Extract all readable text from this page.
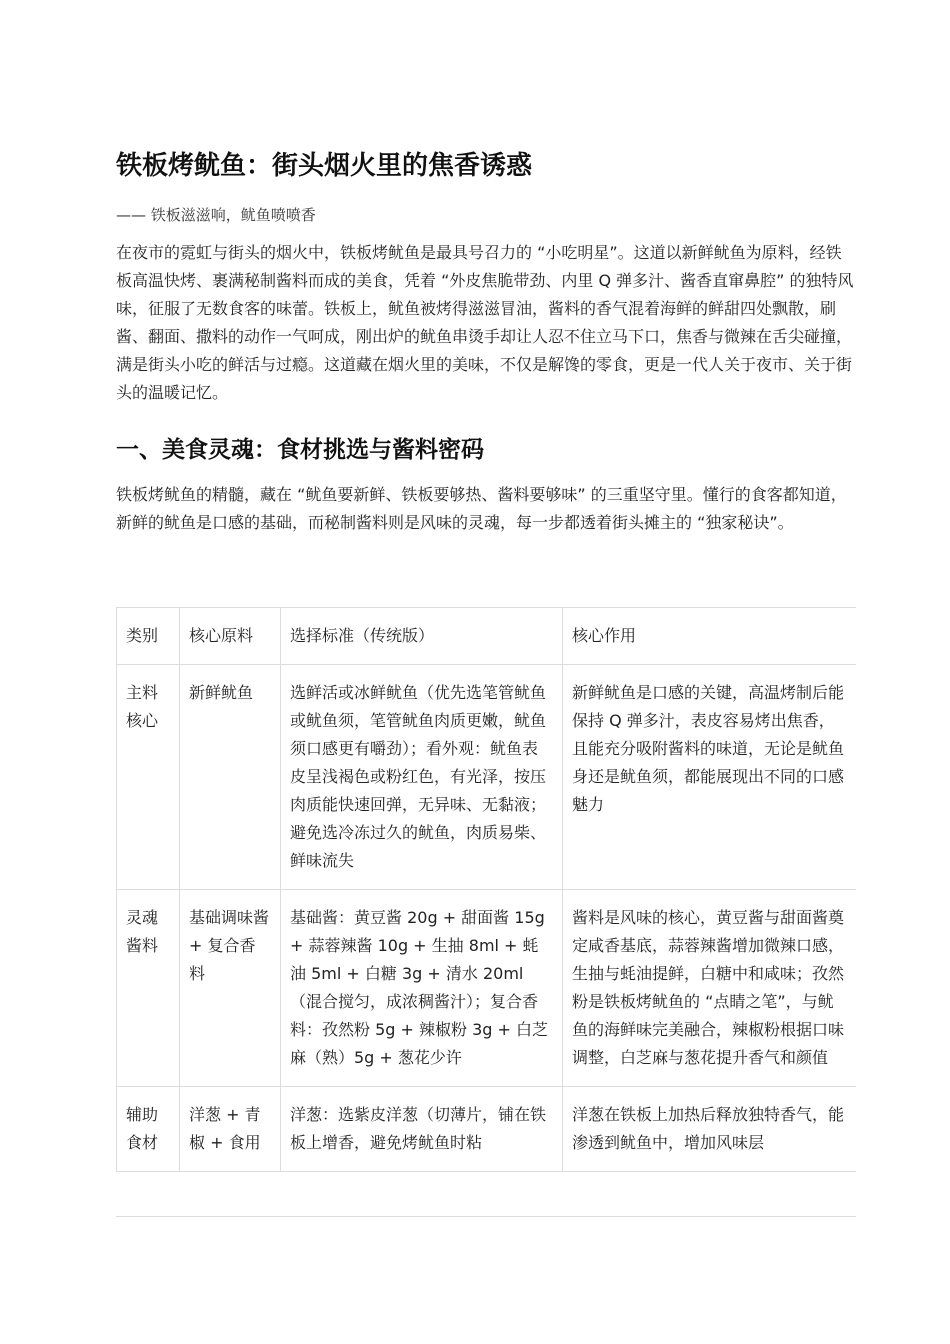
铁板烤鱿鱼：街头烟火里的焦香诱惑
—— 铁板滋滋响，鱿鱼喷喷香

在夜市的霓虹与街头的烟火中，铁板烤鱿鱼是最具号召力的 “小吃明星”。这道以新鲜鱿鱼为原料，经铁板高温快烤、裹满秘制酱料而成的美食，凭着 “外皮焦脆带劲、内里 Q 弹多汁、酱香直窜鼻腔” 的独特风味，征服了无数食客的味蕾。铁板上，鱿鱼被烤得滋滋冒油，酱料的香气混着海鲜的鲜甜四处飘散，刷酱、翻面、撒料的动作一气呵成，刚出炉的鱿鱼串烫手却让人忍不住立马下口，焦香与微辣在舌尖碰撞，满是街头小吃的鲜活与过瘾。这道藏在烟火里的美味，不仅是解馋的零食，更是一代人关于夜市、关于街头的温暖记忆。

一、美食灵魂：食材挑选与酱料密码

铁板烤鱿鱼的精髓，藏在 “鱿鱼要新鲜、铁板要够热、酱料要够味” 的三重坚守里。懂行的食客都知道，新鲜的鱿鱼是口感的基础，而秘制酱料则是风味的灵魂，每一步都透着街头摊主的 “独家秘诀”。

类别	核心原料	选择标准（传统版）	核心作用
主料核心	新鲜鱿鱼	选鲜活或冰鲜鱿鱼（优先选笔管鱿鱼或鱿鱼须，笔管鱿鱼肉质更嫩，鱿鱼须口感更有嚼劲）；看外观：鱿鱼表皮呈浅褐色或粉红色，有光泽，按压肉质能快速回弹，无异味、无黏液；避免选冷冻过久的鱿鱼，肉质易柴、鲜味流失	新鲜鱿鱼是口感的关键，高温烤制后能保持 Q 弹多汁，表皮容易烤出焦香，且能充分吸附酱料的味道，无论是鱿鱼身还是鱿鱼须，都能展现出不同的口感魅力
灵魂酱料	基础调味酱 + 复合香料	基础酱：黄豆酱 20g + 甜面酱 15g + 蒜蓉辣酱 10g + 生抽 8ml + 蚝油 5ml + 白糖 3g + 清水 20ml（混合搅匀，成浓稠酱汁）；复合香料：孜然粉 5g + 辣椒粉 3g + 白芝麻（熟）5g + 葱花少许	酱料是风味的核心，黄豆酱与甜面酱奠定咸香基底，蒜蓉辣酱增加微辣口感，生抽与蚝油提鲜，白糖中和咸味；孜然粉是铁板烤鱿鱼的 “点睛之笔”，与鱿鱼的海鲜味完美融合，辣椒粉根据口味调整，白芝麻与葱花提升香气和颜值
辅助食材	洋葱 + 青椒 + 食用	洋葱：选紫皮洋葱（切薄片，铺在铁板上增香，避免烤鱿鱼时粘	洋葱在铁板上加热后释放独特香气，能渗透到鱿鱼中，增加风味层
